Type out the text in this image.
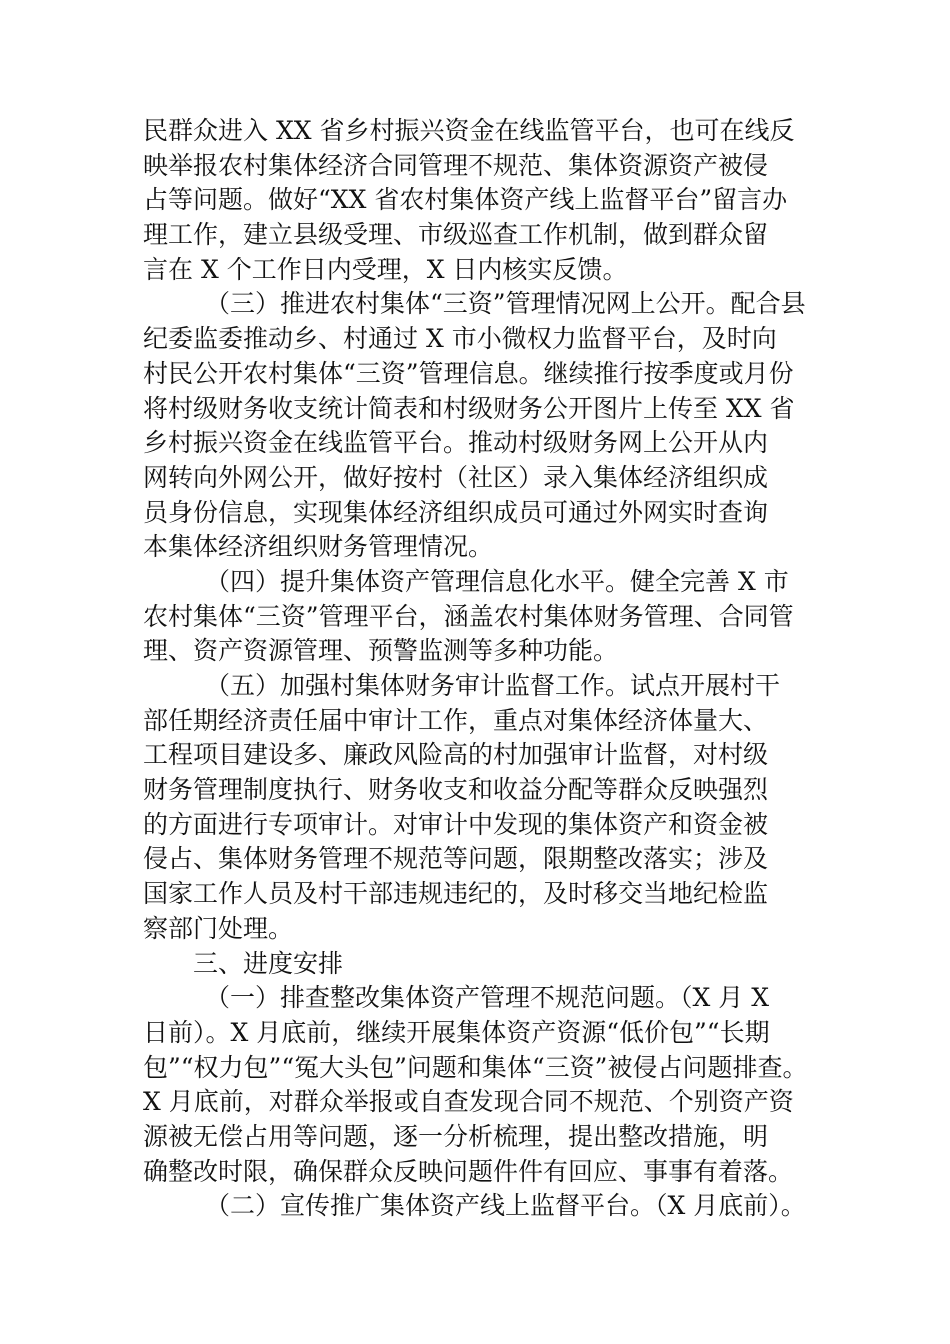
民群众进入 XX 省乡村振兴资金在线监管平台，也可在线反
映举报农村集体经济合同管理不规范、集体资源资产被侵
占等问题。做好“XX 省农村集体资产线上监督平台”留言办
理工作，建立县级受理、市级巡查工作机制，做到群众留
言在 X 个工作日内受理，X 日内核实反馈。
（三）推进农村集体“三资”管理情况网上公开。配合县
纪委监委推动乡、村通过 X 市小微权力监督平台，及时向
村民公开农村集体“三资”管理信息。继续推行按季度或月份
将村级财务收支统计简表和村级财务公开图片上传至 XX 省
乡村振兴资金在线监管平台。推动村级财务网上公开从内
网转向外网公开，做好按村（社区）录入集体经济组织成
员身份信息，实现集体经济组织成员可通过外网实时查询
本集体经济组织财务管理情况。
（四）提升集体资产管理信息化水平。健全完善 X 市
农村集体“三资”管理平台，涵盖农村集体财务管理、合同管
理、资产资源管理、预警监测等多种功能。
（五）加强村集体财务审计监督工作。试点开展村干
部任期经济责任届中审计工作，重点对集体经济体量大、
工程项目建设多、廉政风险高的村加强审计监督，对村级
财务管理制度执行、财务收支和收益分配等群众反映强烈
的方面进行专项审计。对审计中发现的集体资产和资金被
侵占、集体财务管理不规范等问题，限期整改落实；涉及
国家工作人员及村干部违规违纪的，及时移交当地纪检监
察部门处理。
三、进度安排
（一）排查整改集体资产管理不规范问题。（X 月 X
日前）。X 月底前，继续开展集体资产资源“低价包”“长期
包”“权力包”“冤大头包”问题和集体“三资”被侵占问题排查。
X 月底前，对群众举报或自查发现合同不规范、个别资产资
源被无偿占用等问题，逐一分析梳理，提出整改措施，明
确整改时限，确保群众反映问题件件有回应、事事有着落。
（二）宣传推广集体资产线上监督平台。（X 月底前）。
